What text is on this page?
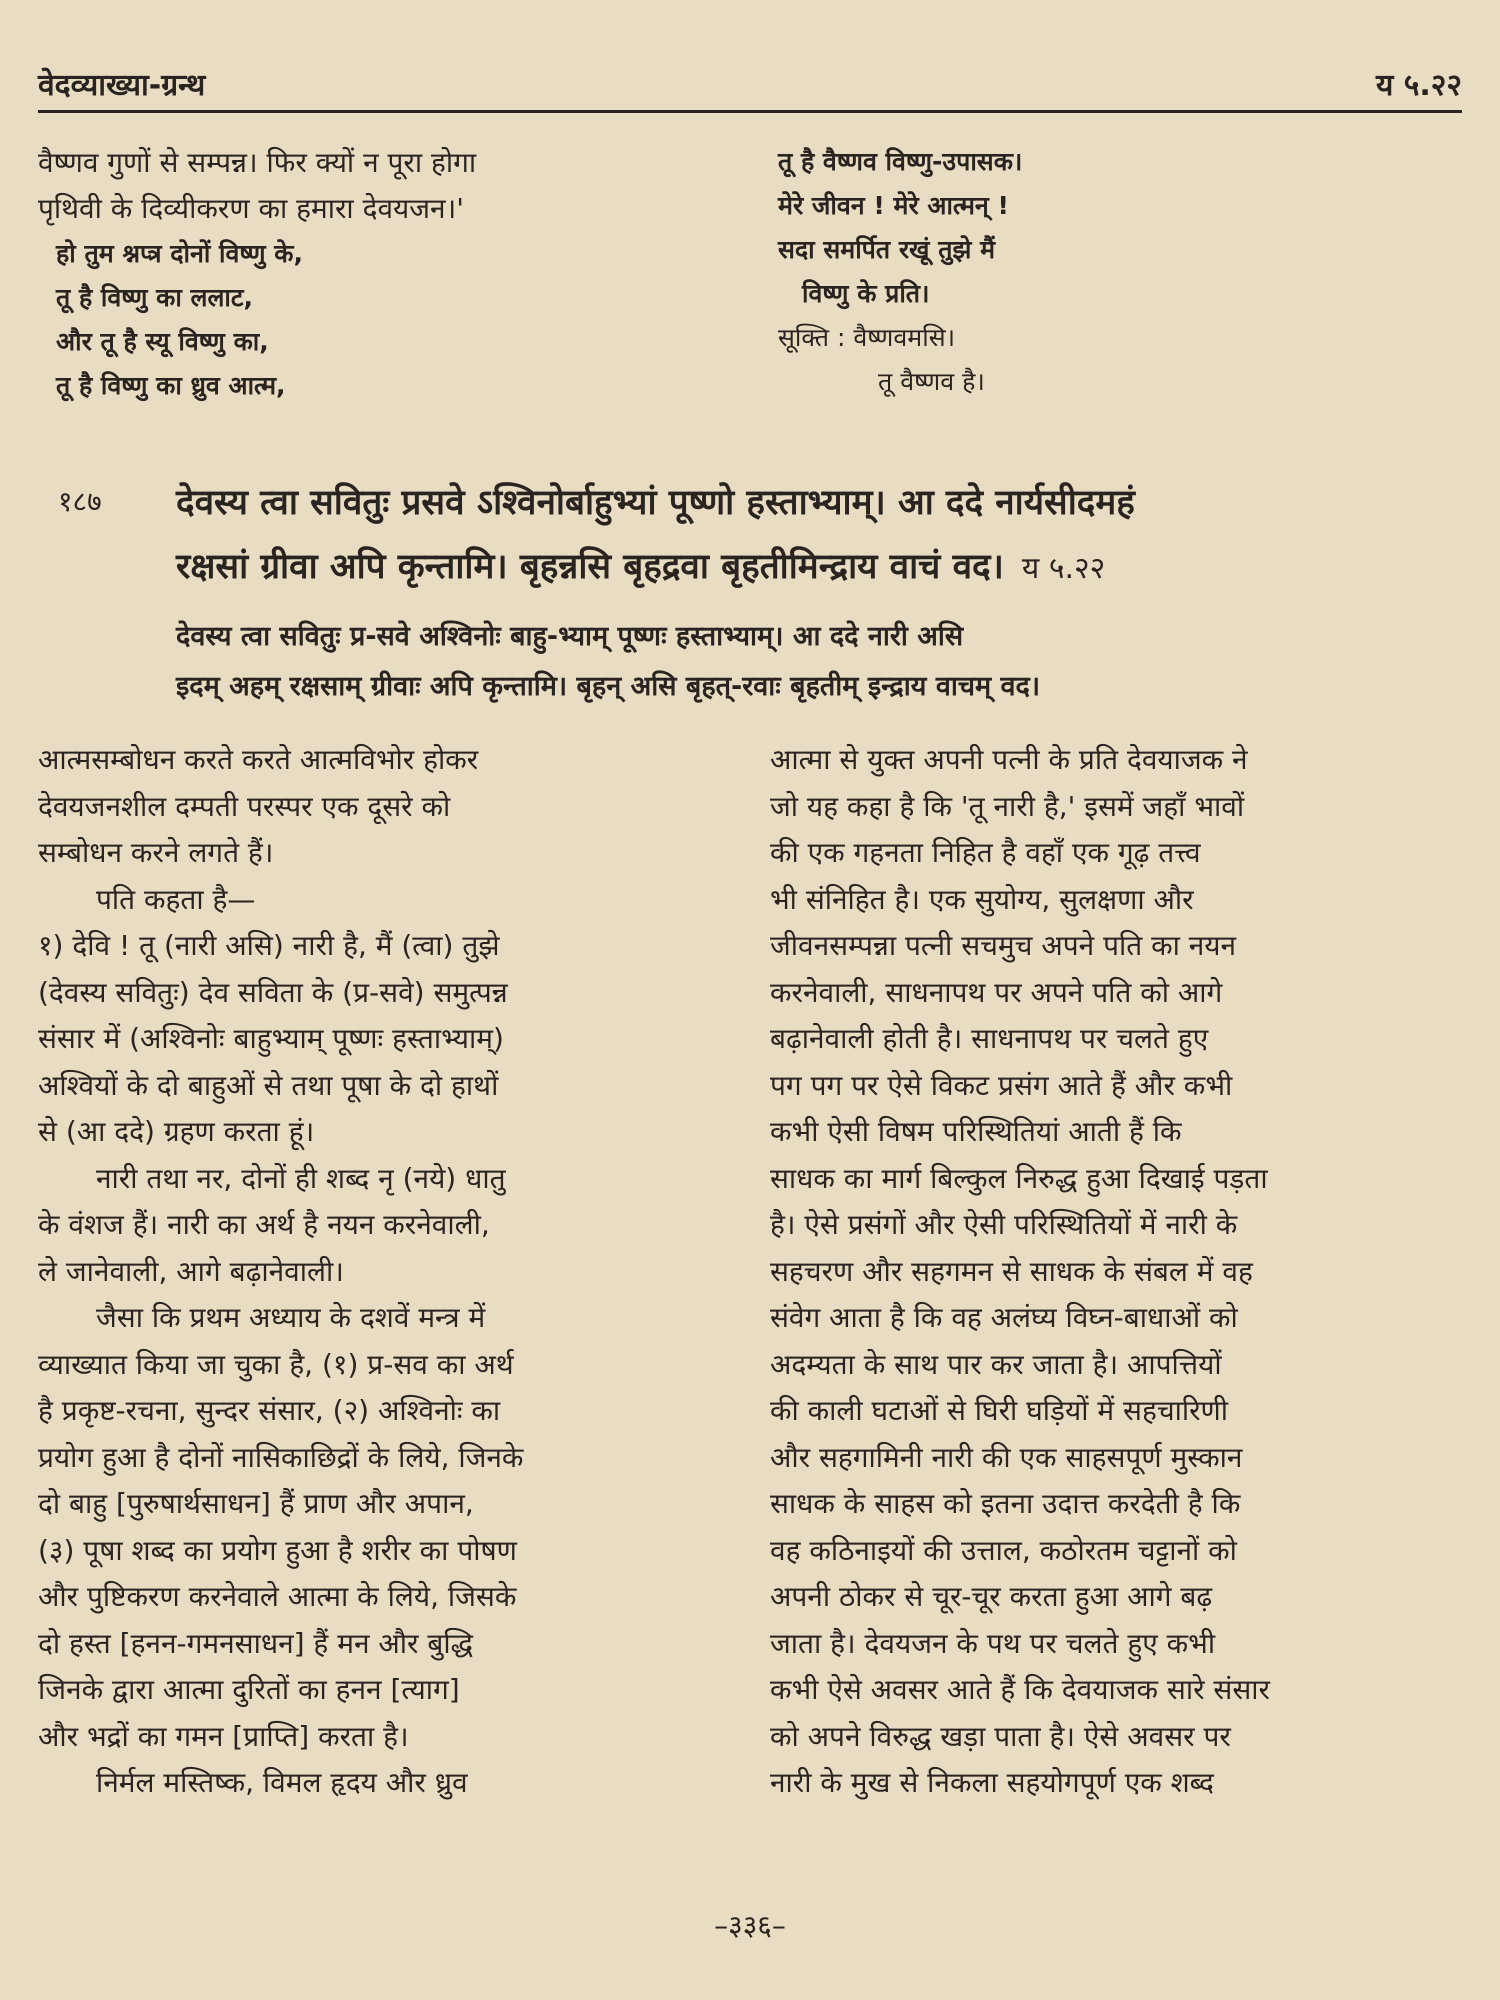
वेदव्याख्या-ग्रन्थ	य ५.२२
वैष्णव गुणों से सम्पन्न। फिर क्यों न पूरा होगा
पृथिवी के दिव्यीकरण का हमारा देवयजन।'
हो तुम श्नप्त्र दोनों विष्णु के,
तू है विष्णु का ललाट,
और तू है स्यू विष्णु का,
तू है विष्णु का ध्रुव आत्म,
तू है वैष्णव विष्णु-उपासक।
मेरे जीवन ! मेरे आत्मन् !
सदा समर्पित रखूं तुझे मैं
विष्णु के प्रति।
सूक्ति : वैष्णवमसि।
तू वैष्णव है।
१८७ देवस्य त्वा सवितुः प्रसवे ऽश्विनोर्बाहुभ्यां पूष्णो हस्ताभ्याम्। आ ददे नार्यसीदमहं
रक्षसां ग्रीवा अपि कृन्तामि। बृहन्नसि बृहद्रवा बृहतीमिन्द्राय वाचं वद। य ५.२२
देवस्य त्वा सवितुः प्र-सवे अश्विनोः बाहु-भ्याम् पूष्णः हस्ताभ्याम्। आ ददे नारी असि
इदम् अहम् रक्षसाम् ग्रीवाः अपि कृन्तामि। बृहन् असि बृहत्-रवाः बृहतीम् इन्द्राय वाचम् वद।
आत्मसम्बोधन करते करते आत्मविभोर होकर
देवयजनशील दम्पती परस्पर एक दूसरे को
सम्बोधन करने लगते हैं।
पति कहता है—
१) देवि ! तू (नारी असि) नारी है, मैं (त्वा) तुझे
(देवस्य सवितुः) देव सविता के (प्र-सवे) समुत्पन्न
संसार में (अश्विनोः बाहुभ्याम् पूष्णः हस्ताभ्याम्)
अश्वियों के दो बाहुओं से तथा पूषा के दो हाथों
से (आ ददे) ग्रहण करता हूं।
नारी तथा नर, दोनों ही शब्द नृ (नये) धातु
के वंशज हैं। नारी का अर्थ है नयन करनेवाली,
ले जानेवाली, आगे बढ़ानेवाली।
जैसा कि प्रथम अध्याय के दशवें मन्त्र में
व्याख्यात किया जा चुका है, (१) प्र-सव का अर्थ
है प्रकृष्ट-रचना, सुन्दर संसार, (२) अश्विनोः का
प्रयोग हुआ है दोनों नासिकाछिद्रों के लिये, जिनके
दो बाहु [पुरुषार्थसाधन] हैं प्राण और अपान,
(३) पूषा शब्द का प्रयोग हुआ है शरीर का पोषण
और पुष्टिकरण करनेवाले आत्मा के लिये, जिसके
दो हस्त [हनन-गमनसाधन] हैं मन और बुद्धि
जिनके द्वारा आत्मा दुरितों का हनन [त्याग]
और भद्रों का गमन [प्राप्ति] करता है।
निर्मल मस्तिष्क, विमल हृदय और ध्रुव
आत्मा से युक्त अपनी पत्नी के प्रति देवयाजक ने
जो यह कहा है कि 'तू नारी है,' इसमें जहाँ भावों
की एक गहनता निहित है वहाँ एक गूढ़ तत्त्व
भी संनिहित है। एक सुयोग्य, सुलक्षणा और
जीवनसम्पन्ना पत्नी सचमुच अपने पति का नयन
करनेवाली, साधनापथ पर अपने पति को आगे
बढ़ानेवाली होती है। साधनापथ पर चलते हुए
पग पग पर ऐसे विकट प्रसंग आते हैं और कभी
कभी ऐसी विषम परिस्थितियां आती हैं कि
साधक का मार्ग बिल्कुल निरुद्ध हुआ दिखाई पड़ता
है। ऐसे प्रसंगों और ऐसी परिस्थितियों में नारी के
सहचरण और सहगमन से साधक के संबल में वह
संवेग आता है कि वह अलंघ्य विघ्न-बाधाओं को
अदम्यता के साथ पार कर जाता है। आपत्तियों
की काली घटाओं से घिरी घड़ियों में सहचारिणी
और सहगामिनी नारी की एक साहसपूर्ण मुस्कान
साधक के साहस को इतना उदात्त करदेती है कि
वह कठिनाइयों की उत्ताल, कठोरतम चट्टानों को
अपनी ठोकर से चूर-चूर करता हुआ आगे बढ़
जाता है। देवयजन के पथ पर चलते हुए कभी
कभी ऐसे अवसर आते हैं कि देवयाजक सारे संसार
को अपने विरुद्ध खड़ा पाता है। ऐसे अवसर पर
नारी के मुख से निकला सहयोगपूर्ण एक शब्द
–३३६–
